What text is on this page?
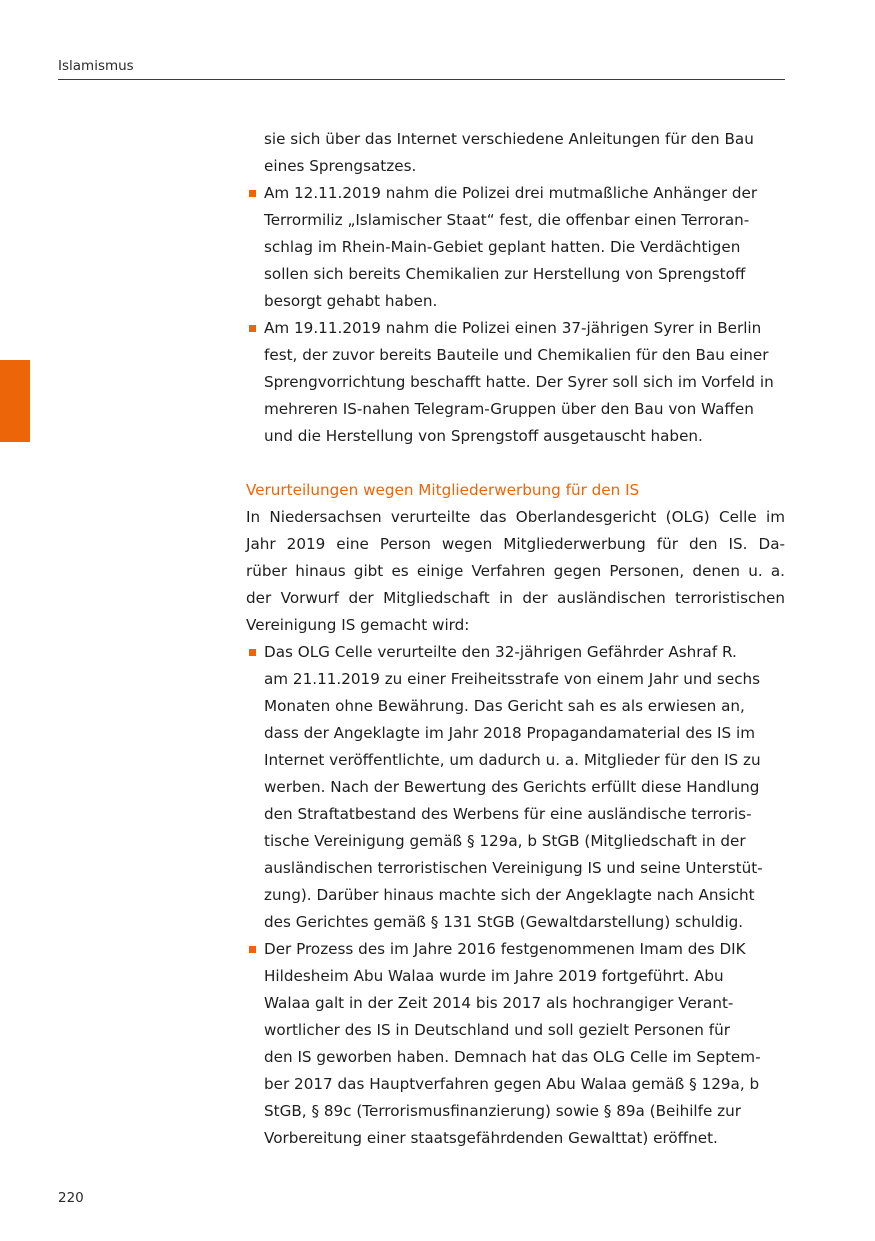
Islamismus
sie sich über das Internet verschiedene Anleitungen für den Bau
eines Sprengsatzes.
Am 12.11.2019 nahm die Polizei drei mutmaßliche Anhänger der
Terrormiliz „Islamischer Staat“ fest, die offenbar einen Terroran-
schlag im Rhein-Main-Gebiet geplant hatten. Die Verdächtigen
sollen sich bereits Chemikalien zur Herstellung von Sprengstoff
besorgt gehabt haben.
Am 19.11.2019 nahm die Polizei einen 37-jährigen Syrer in Berlin
fest, der zuvor bereits Bauteile und Chemikalien für den Bau einer
Sprengvorrichtung beschafft hatte. Der Syrer soll sich im Vorfeld in
mehreren IS-nahen Telegram-Gruppen über den Bau von Waffen
und die Herstellung von Sprengstoff ausgetauscht haben.
Verurteilungen wegen Mitgliederwerbung für den IS
In Niedersachsen verurteilte das Oberlandesgericht (OLG) Celle im
Jahr 2019 eine Person wegen Mitgliederwerbung für den IS. Da-
rüber hinaus gibt es einige Verfahren gegen Personen, denen u. a.
der Vorwurf der Mitgliedschaft in der ausländischen terroristischen
Vereinigung IS gemacht wird:
Das OLG Celle verurteilte den 32-jährigen Gefährder Ashraf R.
am 21.11.2019 zu einer Freiheitsstrafe von einem Jahr und sechs
Monaten ohne Bewährung. Das Gericht sah es als erwiesen an,
dass der Angeklagte im Jahr 2018 Propagandamaterial des IS im
Internet veröffentlichte, um dadurch u. a. Mitglieder für den IS zu
werben. Nach der Bewertung des Gerichts erfüllt diese Handlung
den Straftatbestand des Werbens für eine ausländische terroris-
tische Vereinigung gemäß § 129a, b StGB (Mitgliedschaft in der
ausländischen terroristischen Vereinigung IS und seine Unterstüt-
zung). Darüber hinaus machte sich der Angeklagte nach Ansicht
des Gerichtes gemäß § 131 StGB (Gewaltdarstellung) schuldig.
Der Prozess des im Jahre 2016 festgenommenen Imam des DIK
Hildesheim Abu Walaa wurde im Jahre 2019 fortgeführt. Abu
Walaa galt in der Zeit 2014 bis 2017 als hochrangiger Verant-
wortlicher des IS in Deutschland und soll gezielt Personen für
den IS geworben haben. Demnach hat das OLG Celle im Septem-
ber 2017 das Hauptverfahren gegen Abu Walaa gemäß § 129a, b
StGB, § 89c (Terrorismusfinanzierung) sowie § 89a (Beihilfe zur
Vorbereitung einer staatsgefährdenden Gewalttat) eröffnet.
220
